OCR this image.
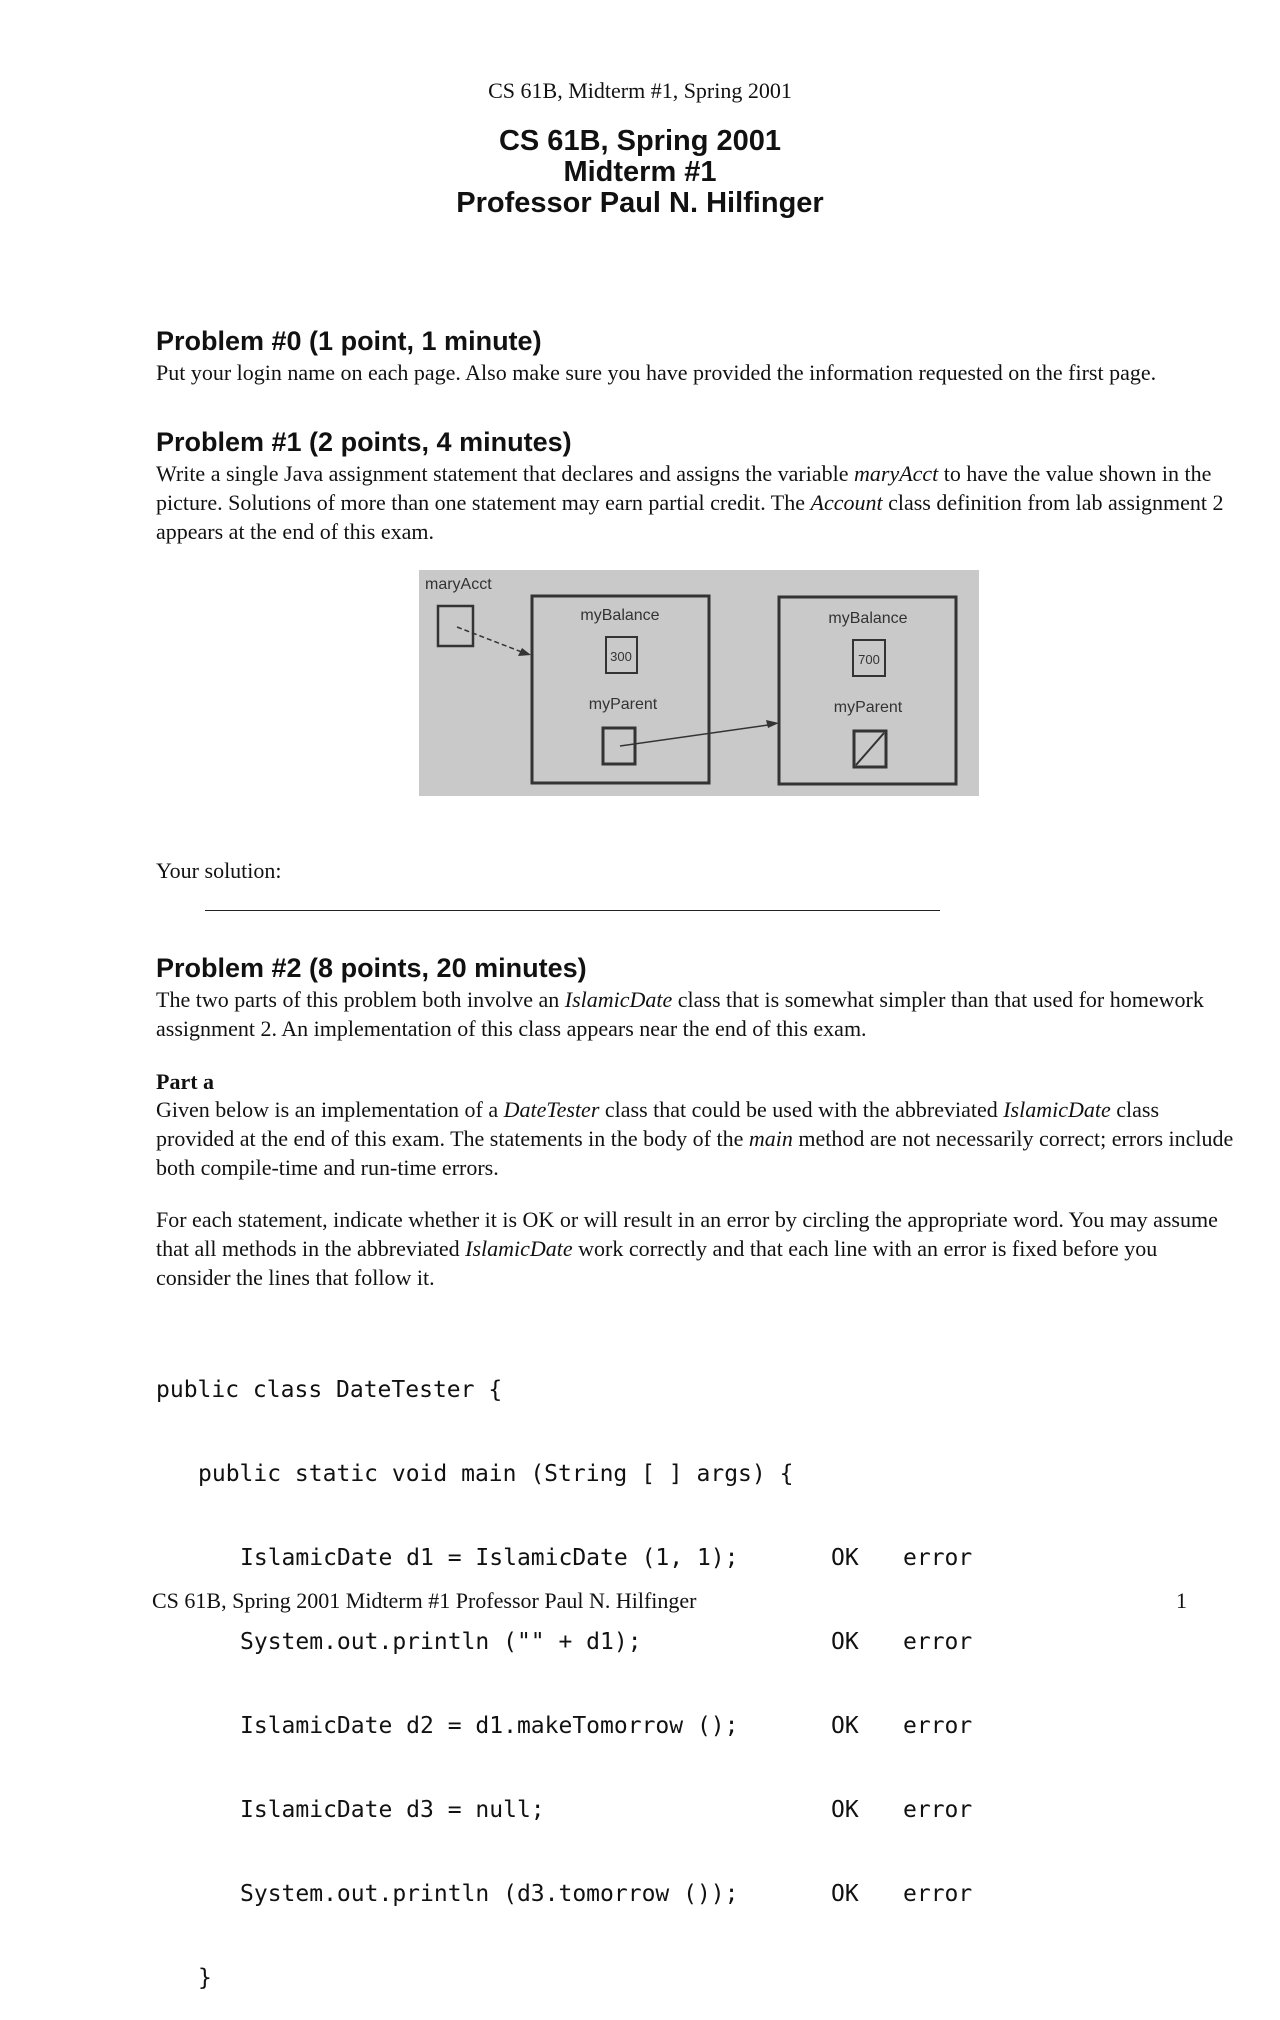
CS 61B, Midterm #1, Spring 2001
CS 61B, Spring 2001
Midterm #1
Professor Paul N. Hilfinger
Problem #0 (1 point, 1 minute)
Put your login name on each page. Also make sure you have provided the information requested on the first page.
Problem #1 (2 points, 4 minutes)
Write a single Java assignment statement that declares and assigns the variable maryAcct to have the value shown in the picture. Solutions of more than one statement may earn partial credit. The Account class definition from lab assignment 2 appears at the end of this exam.
maryAcct
myBalance
300
myParent
myBalance
700
myParent
Your solution:
Problem #2 (8 points, 20 minutes)
The two parts of this problem both involve an IslamicDate class that is somewhat simpler than that used for homework assignment 2. An implementation of this class appears near the end of this exam.
Part a
Given below is an implementation of a DateTester class that could be used with the abbreviated IslamicDate class provided at the end of this exam. The statements in the body of the main method are not necessarily correct; errors include both compile-time and run-time errors.
For each statement, indicate whether it is OK or will result in an error by circling the appropriate word. You may assume that all methods in the abbreviated IslamicDate work correctly and that each line with an error is fixed before you consider the lines that follow it.

public class DateTester {

public static void main (String [ ] args) {

IslamicDate d1 = IslamicDate (1, 1);	OK error

System.out.println ("" + d1);	OK error

IslamicDate d2 = d1.makeTomorrow ();	OK error

IslamicDate d3 = null;	OK error

System.out.println (d3.tomorrow ());	OK error

}

CS 61B, Spring 2001 Midterm #1 Professor Paul N. Hilfinger	1
